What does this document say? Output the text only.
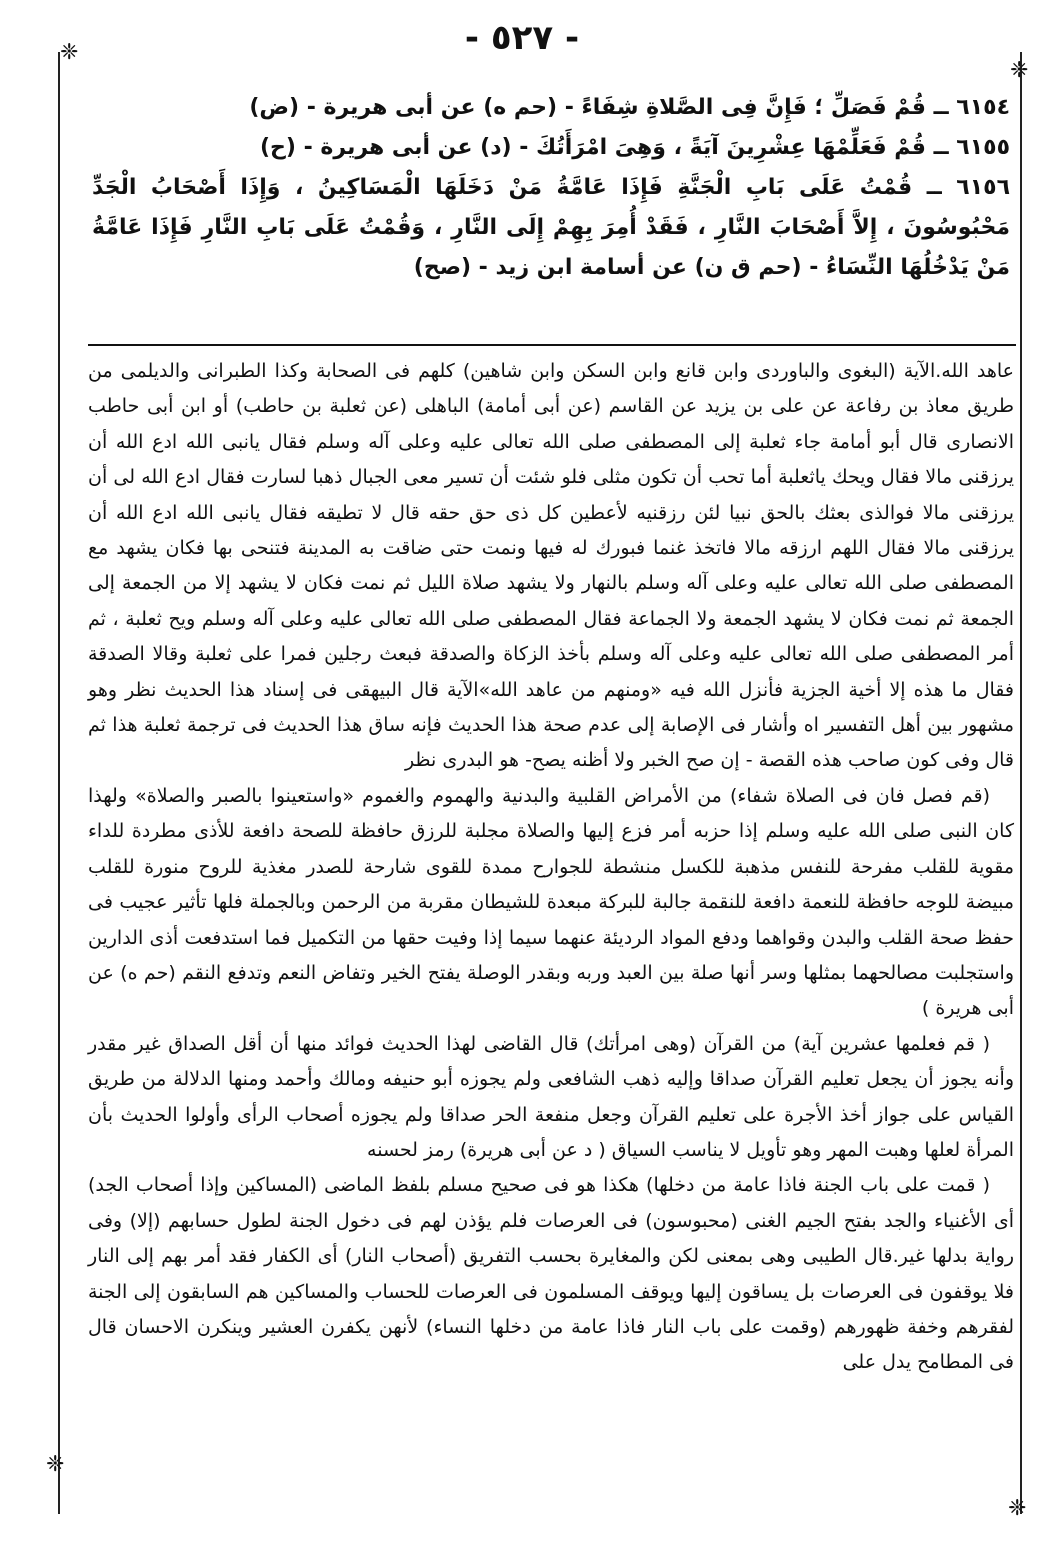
❈
❈
❈
❈
- ٥٢٧ -

٦١٥٤ ــ قُمْ فَصَلِّ ؛ فَإِنَّ فِى الصَّلاةِ شِفَاءً - (حم ه) عن أبى هريرة - (ض)

٦١٥٥ ــ قُمْ فَعَلِّمْهَا عِشْرِينَ آيَةً ، وَهِىَ امْرَأَتُكَ - (د) عن أبى هريرة - (ح)

٦١٥٦ ــ قُمْتُ عَلَى بَابِ الْجَنَّةِ فَإِذَا عَامَّةُ مَنْ دَخَلَهَا الْمَسَاكِينُ ، وَإِذَا أَصْحَابُ الْجَدِّ مَحْبُوسُونَ ، إِلاَّ أَصْحَابَ النَّارِ ، فَقَدْ أُمِرَ بِهِمْ إِلَى النَّارِ ، وَقُمْتُ عَلَى بَابِ النَّارِ فَإِذَا عَامَّةُ مَنْ يَدْخُلُهَا النِّسَاءُ - (حم ق ن) عن أسامة ابن زيد - (صح)

عاهد الله.الآية (البغوى والباوردى وابن قانع وابن السكن وابن شاهين) كلهم فى الصحابة وكذا الطبرانى والديلمى من طريق معاذ بن رفاعة عن على بن يزيد عن القاسم (عن أبى أمامة) الباهلى (عن ثعلبة بن حاطب) أو ابن أبى حاطب الانصارى قال أبو أمامة جاء ثعلبة إلى المصطفى صلى الله تعالى عليه وعلى آله وسلم فقال يانبى الله ادع الله أن يرزقنى مالا فقال ويحك ياثعلبة أما تحب أن تكون مثلى فلو شئت أن تسير معى الجبال ذهبا لسارت فقال ادع الله لى أن يرزقنى مالا فوالذى بعثك بالحق نبيا لئن رزقنيه لأعطين كل ذى حق حقه قال لا تطيقه فقال يانبى الله ادع الله أن يرزقنى مالا فقال اللهم ارزقه مالا فاتخذ غنما فبورك له فيها ونمت حتى ضاقت به المدينة فتنحى بها فكان يشهد مع المصطفى صلى الله تعالى عليه وعلى آله وسلم بالنهار ولا يشهد صلاة الليل ثم نمت فكان لا يشهد إلا من الجمعة إلى الجمعة ثم نمت فكان لا يشهد الجمعة ولا الجماعة فقال المصطفى صلى الله تعالى عليه وعلى آله وسلم ويح ثعلبة ، ثم أمر المصطفى صلى الله تعالى عليه وعلى آله وسلم بأخذ الزكاة والصدقة فبعث رجلين فمرا على ثعلبة وقالا الصدقة فقال ما هذه إلا أخية الجزية فأنزل الله فيه «ومنهم من عاهد الله»الآية قال البيهقى فى إسناد هذا الحديث نظر وهو مشهور بين أهل التفسير اه وأشار فى الإصابة إلى عدم صحة هذا الحديث فإنه ساق هذا الحديث فى ترجمة ثعلبة هذا ثم قال وفى كون صاحب هذه القصة - إن صح الخبر ولا أظنه يصح- هو البدرى نظر

(قم فصل فان فى الصلاة شفاء) من الأمراض القلبية والبدنية والهموم والغموم «واستعينوا بالصبر والصلاة» ولهذا كان النبى صلى الله عليه وسلم إذا حزبه أمر فزع إليها والصلاة مجلبة للرزق حافظة للصحة دافعة للأذى مطردة للداء مقوية للقلب مفرحة للنفس مذهبة للكسل منشطة للجوارح ممدة للقوى شارحة للصدر مغذية للروح منورة للقلب مبيضة للوجه حافظة للنعمة دافعة للنقمة جالبة للبركة مبعدة للشيطان مقربة من الرحمن وبالجملة فلها تأثير عجيب فى حفظ صحة القلب والبدن وقواهما ودفع المواد الرديئة عنهما سيما إذا وفيت حقها من التكميل فما استدفعت أذى الدارين واستجلبت مصالحهما بمثلها وسر أنها صلة بين العبد وربه وبقدر الوصلة يفتح الخير وتفاض النعم وتدفع النقم (حم ه) عن أبى هريرة )

( قم فعلمها عشرين آية) من القرآن (وهى امرأتك) قال القاضى لهذا الحديث فوائد منها أن أقل الصداق غير مقدر وأنه يجوز أن يجعل تعليم القرآن صداقا وإليه ذهب الشافعى ولم يجوزه أبو حنيفه ومالك وأحمد ومنها الدلالة من طريق القياس على جواز أخذ الأجرة على تعليم القرآن وجعل منفعة الحر صداقا ولم يجوزه أصحاب الرأى وأولوا الحديث بأن المرأة لعلها وهبت المهر وهو تأويل لا يناسب السياق ( د عن أبى هريرة) رمز لحسنه

( قمت على باب الجنة فاذا عامة من دخلها) هكذا هو فى صحيح مسلم بلفظ الماضى (المساكين وإذا أصحاب الجد) أى الأغنياء والجد بفتح الجيم الغنى (محبوسون) فى العرصات فلم يؤذن لهم فى دخول الجنة لطول حسابهم (إلا) وفى رواية بدلها غير.قال الطيبى وهى بمعنى لكن والمغايرة بحسب التفريق (أصحاب النار) أى الكفار فقد أمر بهم إلى النار فلا يوقفون فى العرصات بل يساقون إليها ويوقف المسلمون فى العرصات للحساب والمساكين هم السابقون إلى الجنة لفقرهم وخفة ظهورهم (وقمت على باب النار فاذا عامة من دخلها النساء) لأنهن يكفرن العشير وينكرن الاحسان قال فى المطامح يدل على
